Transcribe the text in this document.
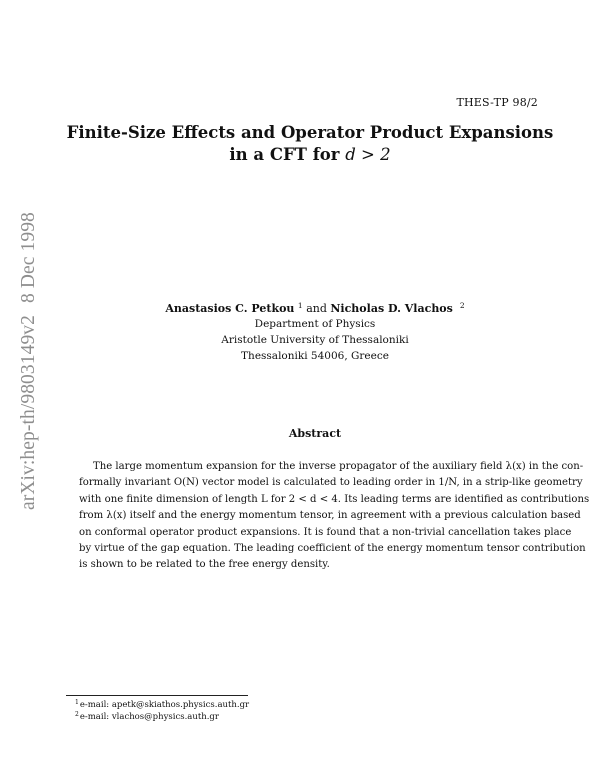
THES-TP 98/2
Finite-Size Effects and Operator Product Expansions
in a CFT for d > 2
arXiv:hep-th/9803149v28 Dec 1998
Anastasios C. Petkou $^1$ and Nicholas D. Vlachos $^2$
Department of Physics
Aristotle University of Thessaloniki
Thessaloniki 54006, Greece
Abstract
The large momentum expansion for the inverse propagator of the auxiliary field λ(x) in the con-
formally invariant O(N) vector model is calculated to leading order in 1/N, in a strip-like geometry
with one finite dimension of length L for 2 < d < 4. Its leading terms are identified as contributions
from λ(x) itself and the energy momentum tensor, in agreement with a previous calculation based
on conformal operator product expansions. It is found that a non-trivial cancellation takes place
by virtue of the gap equation. The leading coefficient of the energy momentum tensor contribution
is shown to be related to the free energy density.
$^1$e-mail: apetk@skiathos.physics.auth.gr
$^2$e-mail: vlachos@physics.auth.gr
